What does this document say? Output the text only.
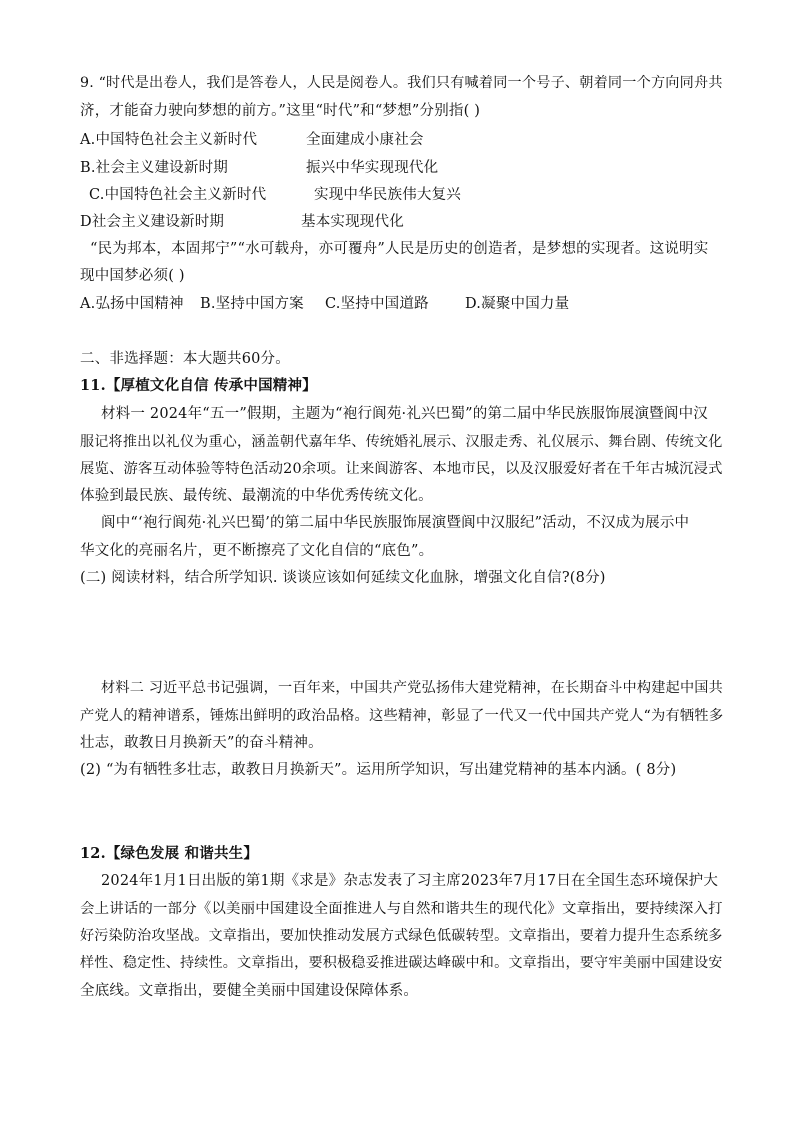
9. “时代是出卷人，我们是答卷人，人民是阅卷人。我们只有喊着同一个号子、朝着同一个方向同舟共
济，才能奋力驶向梦想的前方。”这里“时代”和“梦想”分别指( )
A.中国特色社会主义新时代	全面建成小康社会
B.社会主义建设新时期	振兴中华实现现代化
C.中国特色社会主义新时代	实现中华民族伟大复兴
D社会主义建设新时期	基本实现现代化
“民为邦本，本固邦宁”“水可载舟，亦可覆舟”人民是历史的创造者，是梦想的实现者。这说明实
现中国梦必须( )
A.弘扬中国精神	B.坚持中国方案	C.坚持中国道路	D.凝聚中国力量
二、非选择题：本大题共60分。
11.【厚植文化自信 传承中国精神】
材料一 2024年“五一”假期，主题为“袍行阆苑·礼兴巴蜀”的第二届中华民族服饰展演暨阆中汉
服记将推出以礼仪为重心，涵盖朝代嘉年华、传统婚礼展示、汉服走秀、礼仪展示、舞台剧、传统文化
展览、游客互动体验等特色活动20余项。让来阆游客、本地市民，以及汉服爱好者在千年古城沉浸式
体验到最民族、最传统、最潮流的中华优秀传统文化。
阆中“‘袍行阆苑·礼兴巴蜀’的第二届中华民族服饰展演暨阆中汉服纪”活动，不汉成为展示中
华文化的亮丽名片，更不断擦亮了文化自信的“底色”。
(二) 阅读材料，结合所学知识. 谈谈应该如何延续文化血脉，增强文化自信?(8分)
材料二 习近平总书记强调，一百年来，中国共产党弘扬伟大建党精神，在长期奋斗中构建起中国共
产党人的精神谱系，锤炼出鲜明的政治品格。这些精神，彰显了一代又一代中国共产党人“为有牺牲多
壮志，敢教日月换新天”的奋斗精神。
(2) “为有牺牲多壮志，敢教日月换新天”。运用所学知识，写出建党精神的基本内涵。( 8分)
12.【绿色发展 和谐共生】
2024年1月1日出版的第1期《求是》杂志发表了习主席2023年7月17日在全国生态环境保护大
会上讲话的一部分《以美丽中国建设全面推进人与自然和谐共生的现代化》文章指出，要持续深入打
好污染防治攻坚战。文章指出，要加快推动发展方式绿色低碳转型。文章指出，要着力提升生态系统多
样性、稳定性、持续性。文章指出，要积极稳妥推进碳达峰碳中和。文章指出，要守牢美丽中国建设安
全底线。文章指出，要健全美丽中国建设保障体系。
